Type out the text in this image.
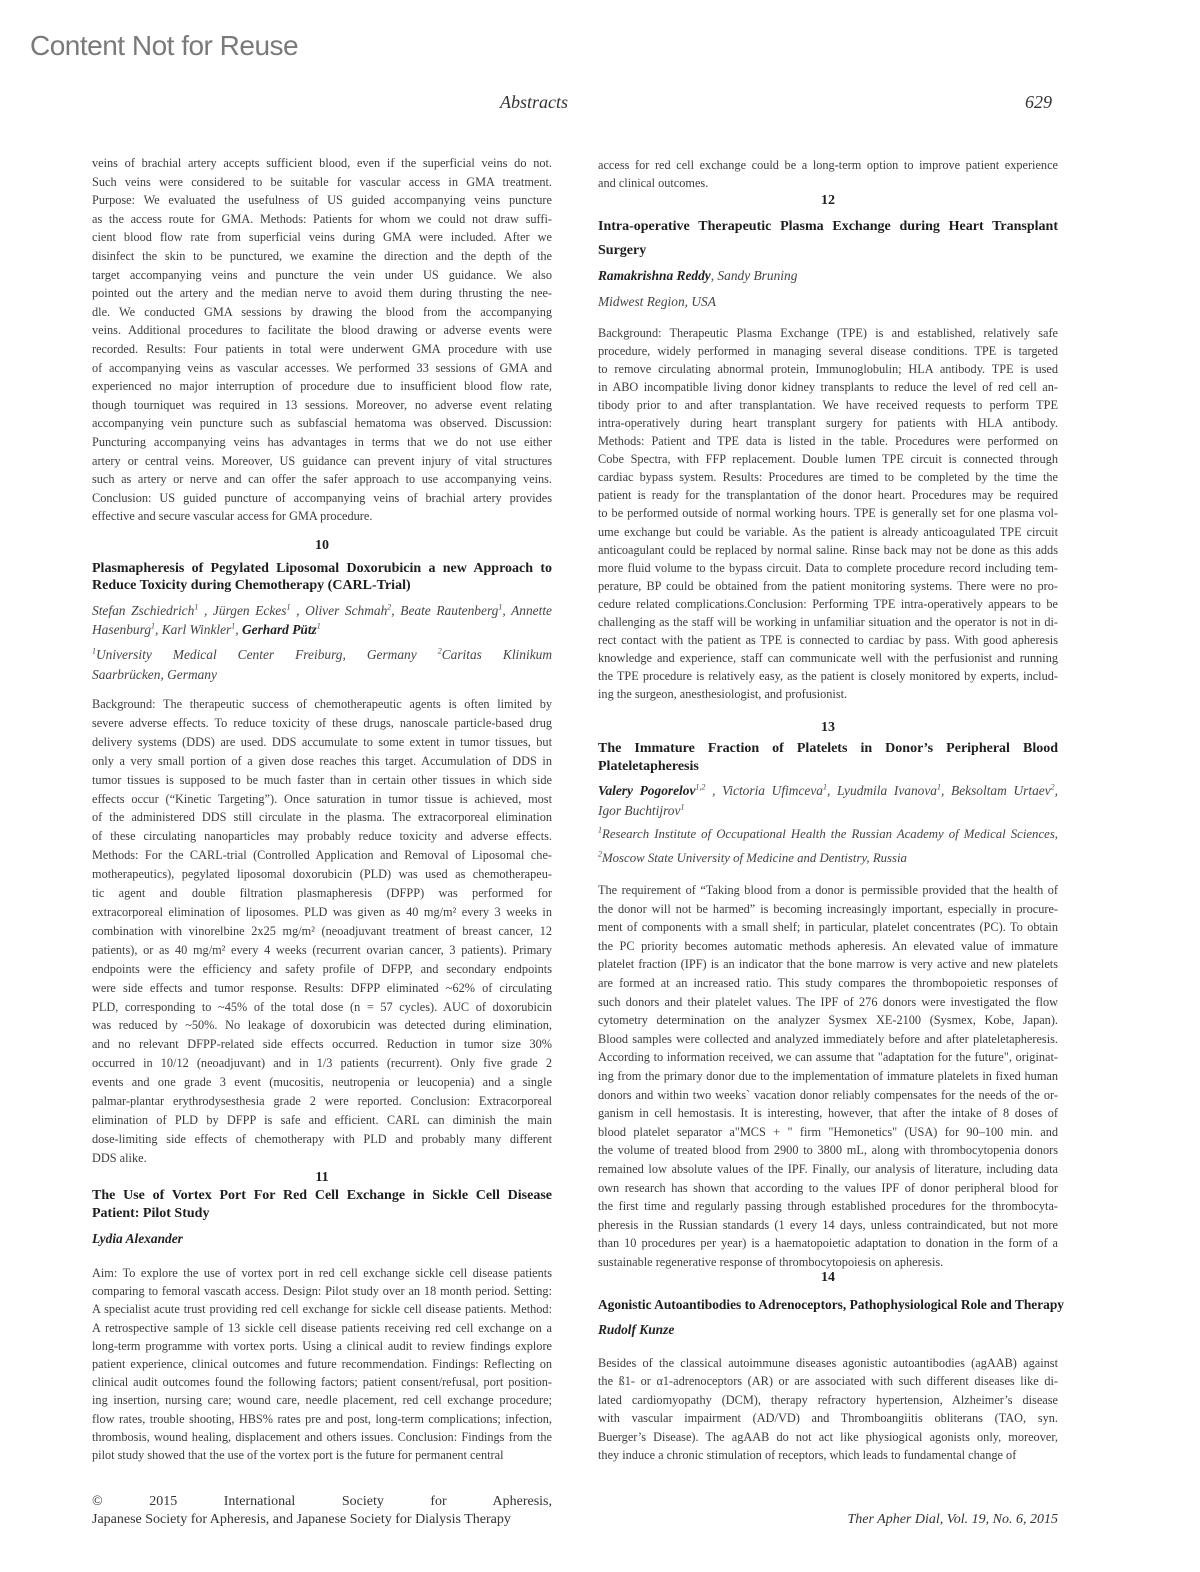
Content Not for Reuse
Abstracts	629
veins of brachial artery accepts sufficient blood, even if the superficial veins do not.
Such veins were considered to be suitable for vascular access in GMA treatment.
Purpose: We evaluated the usefulness of US guided accompanying veins puncture
as the access route for GMA. Methods: Patients for whom we could not draw suffi-
cient blood flow rate from superficial veins during GMA were included. After we
disinfect the skin to be punctured, we examine the direction and the depth of the
target accompanying veins and puncture the vein under US guidance. We also
pointed out the artery and the median nerve to avoid them during thrusting the nee-
dle. We conducted GMA sessions by drawing the blood from the accompanying
veins. Additional procedures to facilitate the blood drawing or adverse events were
recorded. Results: Four patients in total were underwent GMA procedure with use
of accompanying veins as vascular accesses. We performed 33 sessions of GMA and
experienced no major interruption of procedure due to insufficient blood flow rate,
though tourniquet was required in 13 sessions. Moreover, no adverse event relating
accompanying vein puncture such as subfascial hematoma was observed. Discussion:
Puncturing accompanying veins has advantages in terms that we do not use either
artery or central veins. Moreover, US guidance can prevent injury of vital structures
such as artery or nerve and can offer the safer approach to use accompanying veins.
Conclusion: US guided puncture of accompanying veins of brachial artery provides
effective and secure vascular access for GMA procedure.
10
Plasmapheresis of Pegylated Liposomal Doxorubicin a new Approach to
Reduce Toxicity during Chemotherapy (CARL-Trial)
Stefan Zschiedrich$^1$ , Jürgen Eckes$^1$ , Oliver Schmah$^2$, Beate Rautenberg$^1$, Annette
Hasenburg$^1$, Karl Winkler$^1$, Gerhard Pütz$^1$
$^1$University Medical Center Freiburg, Germany $^2$Caritas Klinikum
Saarbrücken, Germany
Background: The therapeutic success of chemotherapeutic agents is often limited by
severe adverse effects. To reduce toxicity of these drugs, nanoscale particle-based drug
delivery systems (DDS) are used. DDS accumulate to some extent in tumor tissues, but
only a very small portion of a given dose reaches this target. Accumulation of DDS in
tumor tissues is supposed to be much faster than in certain other tissues in which side
effects occur (“Kinetic Targeting”). Once saturation in tumor tissue is achieved, most
of the administered DDS still circulate in the plasma. The extracorporeal elimination
of these circulating nanoparticles may probably reduce toxicity and adverse effects.
Methods: For the CARL-trial (Controlled Application and Removal of Liposomal che-
motherapeutics), pegylated liposomal doxorubicin (PLD) was used as chemotherapeu-
tic agent and double filtration plasmapheresis (DFPP) was performed for
extracorporeal elimination of liposomes. PLD was given as 40 mg/m² every 3 weeks in
combination with vinorelbine 2x25 mg/m² (neoadjuvant treatment of breast cancer, 12
patients), or as 40 mg/m² every 4 weeks (recurrent ovarian cancer, 3 patients). Primary
endpoints were the efficiency and safety profile of DFPP, and secondary endpoints
were side effects and tumor response. Results: DFPP eliminated ~62% of circulating
PLD, corresponding to ~45% of the total dose (n = 57 cycles). AUC of doxorubicin
was reduced by ~50%. No leakage of doxorubicin was detected during elimination,
and no relevant DFPP-related side effects occurred. Reduction in tumor size 30%
occurred in 10/12 (neoadjuvant) and in 1/3 patients (recurrent). Only five grade 2
events and one grade 3 event (mucositis, neutropenia or leucopenia) and a single
palmar-plantar erythrodysesthesia grade 2 were reported. Conclusion: Extracorporeal
elimination of PLD by DFPP is safe and efficient. CARL can diminish the main
dose-limiting side effects of chemotherapy with PLD and probably many different
DDS alike.
11
The Use of Vortex Port For Red Cell Exchange in Sickle Cell Disease
Patient: Pilot Study
Lydia Alexander
Aim: To explore the use of vortex port in red cell exchange sickle cell disease patients
comparing to femoral vascath access. Design: Pilot study over an 18 month period. Setting:
A specialist acute trust providing red cell exchange for sickle cell disease patients. Method:
A retrospective sample of 13 sickle cell disease patients receiving red cell exchange on a
long-term programme with vortex ports. Using a clinical audit to review findings explore
patient experience, clinical outcomes and future recommendation. Findings: Reflecting on
clinical audit outcomes found the following factors; patient consent/refusal, port position-
ing insertion, nursing care; wound care, needle placement, red cell exchange procedure;
flow rates, trouble shooting, HBS% rates pre and post, long-term complications; infection,
thrombosis, wound healing, displacement and others issues. Conclusion: Findings from the
pilot study showed that the use of the vortex port is the future for permanent central
© 2015 International Society for Apheresis,
Japanese Society for Apheresis, and Japanese Society for Dialysis Therapy
access for red cell exchange could be a long-term option to improve patient experience
and clinical outcomes.
12
Intra-operative Therapeutic Plasma Exchange during Heart Transplant
Surgery
Ramakrishna Reddy, Sandy Bruning
Midwest Region, USA
Background: Therapeutic Plasma Exchange (TPE) is and established, relatively safe
procedure, widely performed in managing several disease conditions. TPE is targeted
to remove circulating abnormal protein, Immunoglobulin; HLA antibody. TPE is used
in ABO incompatible living donor kidney transplants to reduce the level of red cell an-
tibody prior to and after transplantation. We have received requests to perform TPE
intra-operatively during heart transplant surgery for patients with HLA antibody.
Methods: Patient and TPE data is listed in the table. Procedures were performed on
Cobe Spectra, with FFP replacement. Double lumen TPE circuit is connected through
cardiac bypass system. Results: Procedures are timed to be completed by the time the
patient is ready for the transplantation of the donor heart. Procedures may be required
to be performed outside of normal working hours. TPE is generally set for one plasma vol-
ume exchange but could be variable. As the patient is already anticoagulated TPE circuit
anticoagulant could be replaced by normal saline. Rinse back may not be done as this adds
more fluid volume to the bypass circuit. Data to complete procedure record including tem-
perature, BP could be obtained from the patient monitoring systems. There were no pro-
cedure related complications.Conclusion: Performing TPE intra-operatively appears to be
challenging as the staff will be working in unfamiliar situation and the operator is not in di-
rect contact with the patient as TPE is connected to cardiac by pass. With good apheresis
knowledge and experience, staff can communicate well with the perfusionist and running
the TPE procedure is relatively easy, as the patient is closely monitored by experts, includ-
ing the surgeon, anesthesiologist, and profusionist.
13
The Immature Fraction of Platelets in Donor’s Peripheral Blood
Plateletapheresis
Valery Pogorelov$^{1,2}$ , Victoria Ufimceva$^1$, Lyudmila Ivanova$^1$, Beksoltam Urtaev$^2$,
Igor Buchtijrov$^1$
$^1$Research Institute of Occupational Health the Russian Academy of Medical Sciences,
$^2$Moscow State University of Medicine and Dentistry, Russia
The requirement of “Taking blood from a donor is permissible provided that the health of
the donor will not be harmed” is becoming increasingly important, especially in procure-
ment of components with a small shelf; in particular, platelet concentrates (PC). To obtain
the PC priority becomes automatic methods apheresis. An elevated value of immature
platelet fraction (IPF) is an indicator that the bone marrow is very active and new platelets
are formed at an increased ratio. This study compares the thrombopoietic responses of
such donors and their platelet values. The IPF of 276 donors were investigated the flow
cytometry determination on the analyzer Sysmex XE-2100 (Sysmex, Kobe, Japan).
Blood samples were collected and analyzed immediately before and after plateletapheresis.
According to information received, we can assume that "adaptation for the future", originat-
ing from the primary donor due to the implementation of immature platelets in fixed human
donors and within two weeks` vacation donor reliably compensates for the needs of the or-
ganism in cell hemostasis. It is interesting, however, that after the intake of 8 doses of
blood platelet separator a"MCS + " firm "Hemonetics" (USA) for 90–100 min. and
the volume of treated blood from 2900 to 3800 mL, along with thrombocytopenia donors
remained low absolute values of the IPF. Finally, our analysis of literature, including data
own research has shown that according to the values IPF of donor peripheral blood for
the first time and regularly passing through established procedures for the thrombocyta-
pheresis in the Russian standards (1 every 14 days, unless contraindicated, but not more
than 10 procedures per year) is a haematopoietic adaptation to donation in the form of a
sustainable regenerative response of thrombocytopoiesis on apheresis.
14
Agonistic Autoantibodies to Adrenoceptors, Pathophysiological Role and Therapy
Rudolf Kunze
Besides of the classical autoimmune diseases agonistic autoantibodies (agAAB) against
the ß1- or α1-adrenoceptors (AR) or are associated with such different diseases like di-
lated cardiomyopathy (DCM), therapy refractory hypertension, Alzheimer’s disease
with vascular impairment (AD/VD) and Thromboangiitis obliterans (TAO, syn.
Buerger’s Disease). The agAAB do not act like physiogical agonists only, moreover,
they induce a chronic stimulation of receptors, which leads to fundamental change of
Ther Apher Dial, Vol. 19, No. 6, 2015
